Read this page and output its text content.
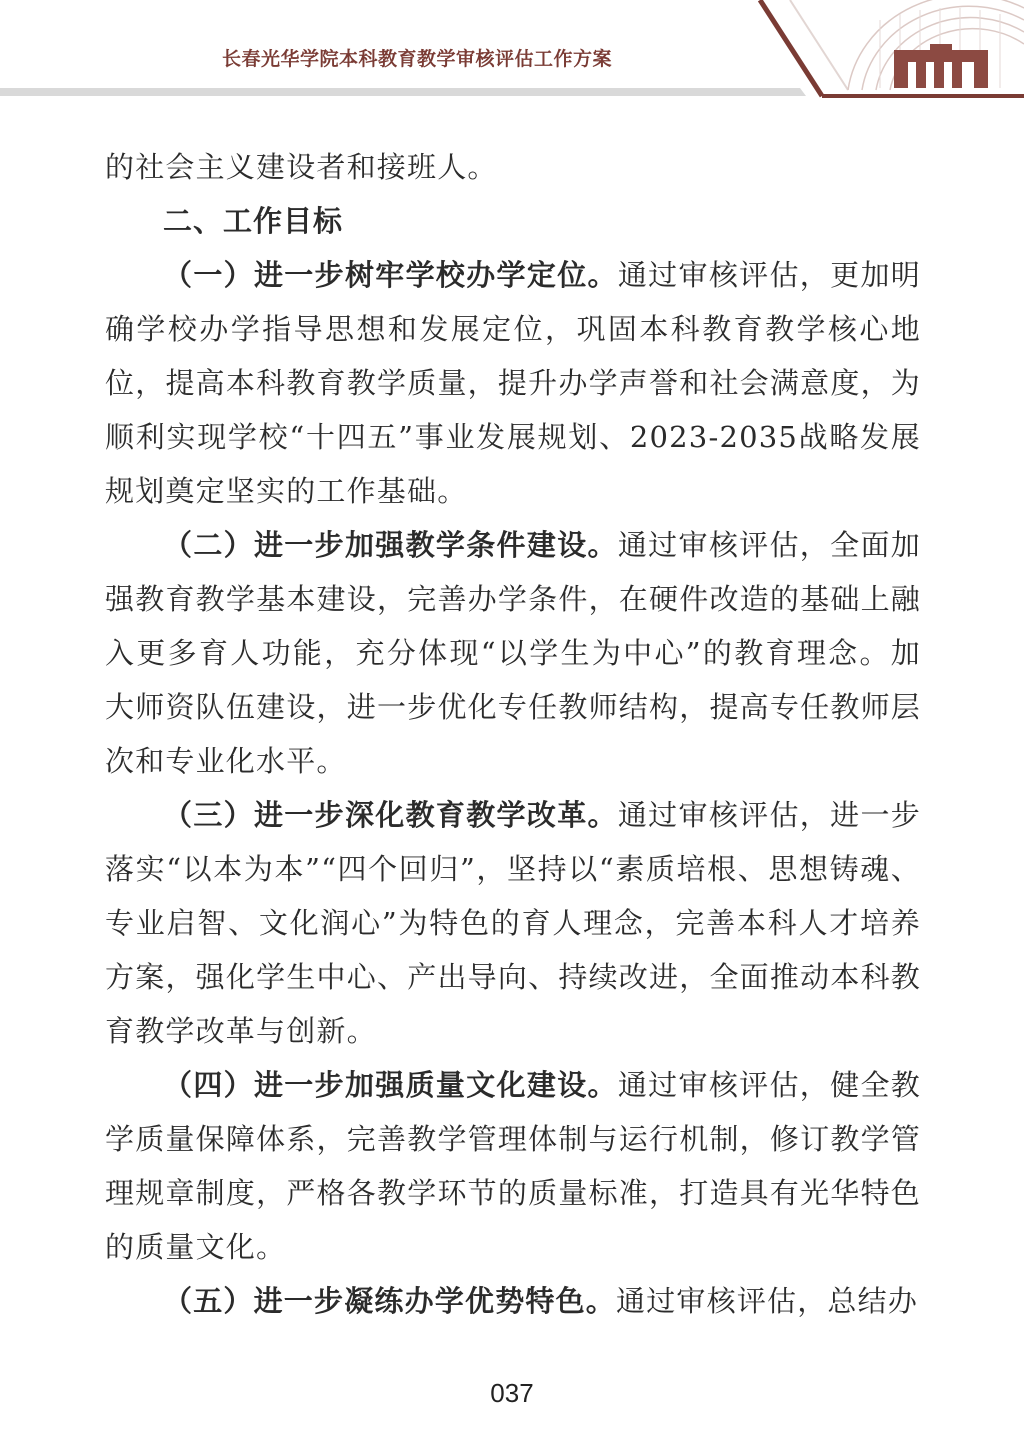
长春光华学院本科教育教学审核评估工作方案

的社会主义建设者和接班人。

二、工作目标

（一）进一步树牢学校办学定位。通过审核评估，更加明确学校办学指导思想和发展定位，巩固本科教育教学核心地位，提高本科教育教学质量，提升办学声誉和社会满意度，为顺利实现学校“十四五”事业发展规划、2023-2035战略发展规划奠定坚实的工作基础。

（二）进一步加强教学条件建设。通过审核评估，全面加强教育教学基本建设，完善办学条件，在硬件改造的基础上融入更多育人功能，充分体现“以学生为中心”的教育理念。加大师资队伍建设，进一步优化专任教师结构，提高专任教师层次和专业化水平。

（三）进一步深化教育教学改革。通过审核评估，进一步落实“以本为本”“四个回归”，坚持以“素质培根、思想铸魂、专业启智、文化润心”为特色的育人理念，完善本科人才培养方案，强化学生中心、产出导向、持续改进，全面推动本科教育教学改革与创新。

（四）进一步加强质量文化建设。通过审核评估，健全教学质量保障体系，完善教学管理体制与运行机制，修订教学管理规章制度，严格各教学环节的质量标准，打造具有光华特色的质量文化。

（五）进一步凝练办学优势特色。通过审核评估，总结办

037
